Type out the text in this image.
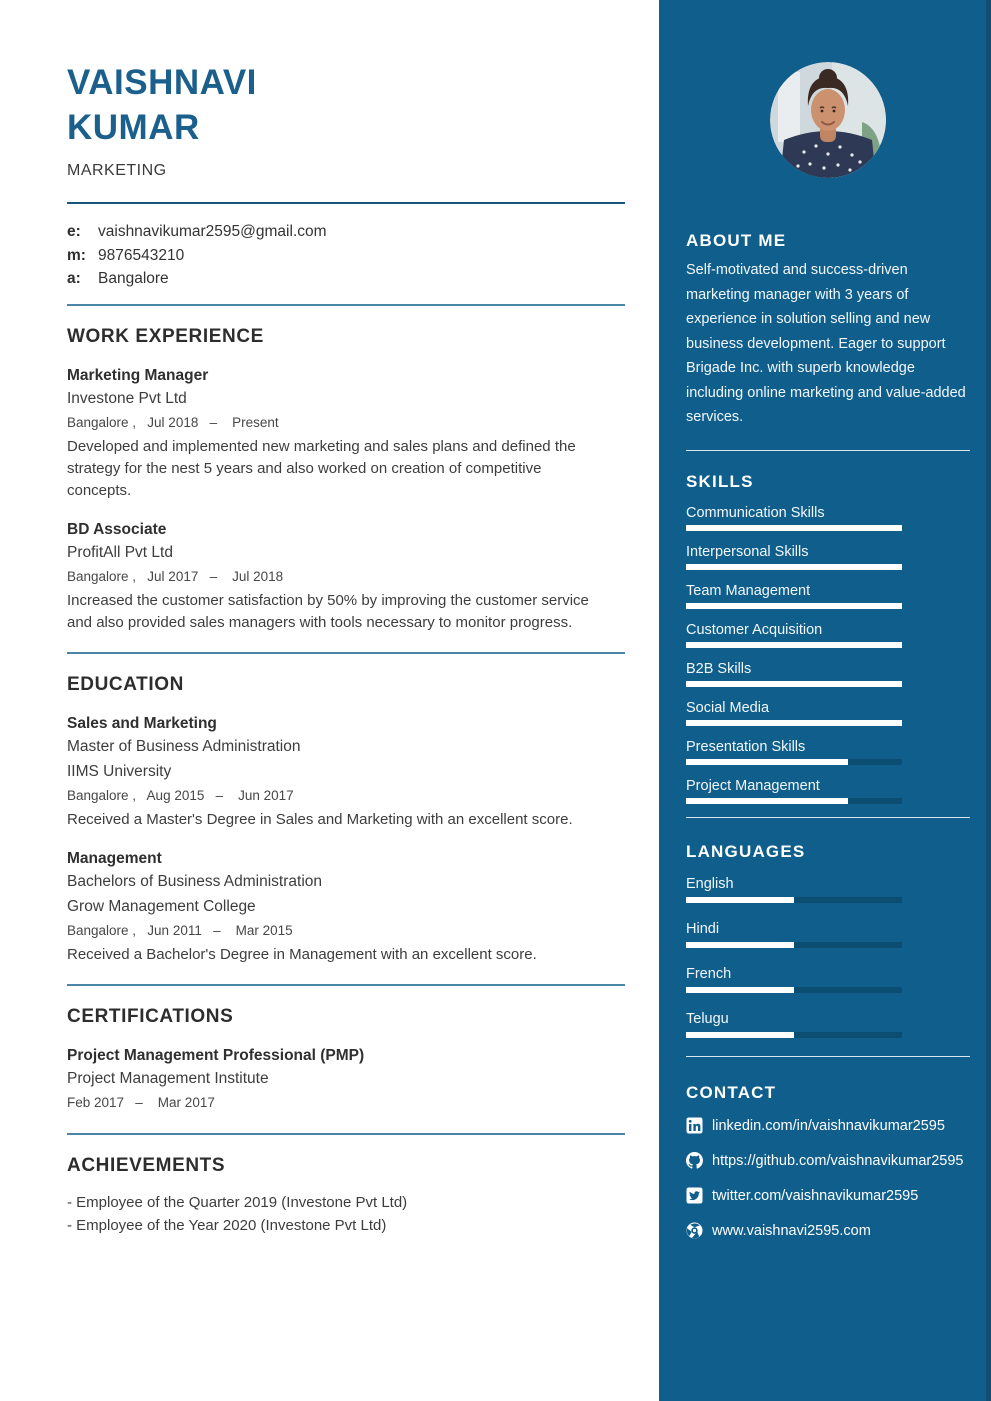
VAISHNAVI
KUMAR
MARKETING
e:	vaishnavikumar2595@gmail.com
m: 9876543210
a:	Bangalore
WORK EXPERIENCE
Marketing Manager
Investone Pvt Ltd
Bangalore ,   Jul 2018   –    Present
Developed and implemented new marketing and sales plans and defined the strategy for the nest 5 years and also worked on creation of competitive concepts.
BD Associate
ProfitAll Pvt Ltd
Bangalore ,   Jul 2017   –    Jul 2018
Increased the customer satisfaction by 50% by improving the customer service and also provided sales managers with tools necessary to monitor progress.
EDUCATION
Sales and Marketing
Master of Business Administration
IIMS University
Bangalore ,   Aug 2015   –    Jun 2017
Received a Master's Degree in Sales and Marketing with an excellent score.
Management
Bachelors of Business Administration
Grow Management College
Bangalore ,   Jun 2011   –    Mar 2015
Received a Bachelor's Degree in Management with an excellent score.
CERTIFICATIONS
Project Management Professional (PMP)
Project Management Institute
Feb 2017   –    Mar 2017
ACHIEVEMENTS
- Employee of the Quarter 2019 (Investone Pvt Ltd)
- Employee of the Year 2020 (Investone Pvt Ltd)
ABOUT ME
Self-motivated and success-driven marketing manager with 3 years of experience in solution selling and new business development. Eager to support Brigade Inc. with superb knowledge including online marketing and value-added services.
SKILLS
Communication Skills
Interpersonal Skills
Team Management
Customer Acquisition
B2B Skills
Social Media
Presentation Skills
Project Management
LANGUAGES
English
Hindi
French
Telugu
CONTACT
linkedin.com/in/vaishnavikumar2595
https://github.com/vaishnavikumar2595
twitter.com/vaishnavikumar2595
www.vaishnavi2595.com
